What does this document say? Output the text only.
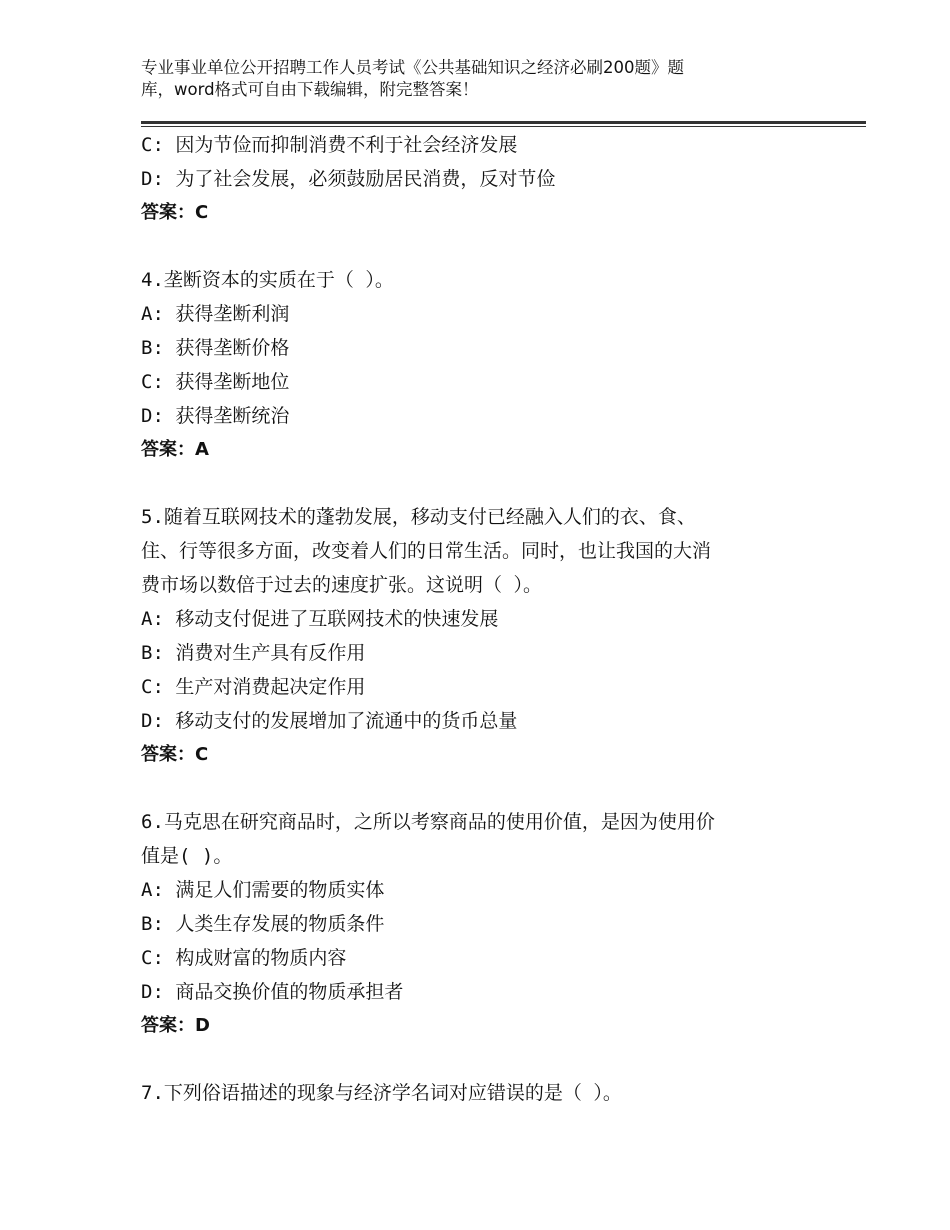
专业事业单位公开招聘工作人员考试《公共基础知识之经济必刷200题》题
库，word格式可自由下载编辑，附完整答案！
C: 因为节俭而抑制消费不利于社会经济发展
D: 为了社会发展，必须鼓励居民消费，反对节俭
答案：C
4.垄断资本的实质在于（ ）。
A: 获得垄断利润
B: 获得垄断价格
C: 获得垄断地位
D: 获得垄断统治
答案：A
5.随着互联网技术的蓬勃发展，移动支付已经融入人们的衣、食、
住、行等很多方面，改变着人们的日常生活。同时，也让我国的大消
费市场以数倍于过去的速度扩张。这说明（ ）。
A: 移动支付促进了互联网技术的快速发展
B: 消费对生产具有反作用
C: 生产对消费起决定作用
D: 移动支付的发展增加了流通中的货币总量
答案：C
6.马克思在研究商品时，之所以考察商品的使用价值，是因为使用价
值是( )。
A: 满足人们需要的物质实体
B: 人类生存发展的物质条件
C: 构成财富的物质内容
D: 商品交换价值的物质承担者
答案：D
7.下列俗语描述的现象与经济学名词对应错误的是（ ）。
